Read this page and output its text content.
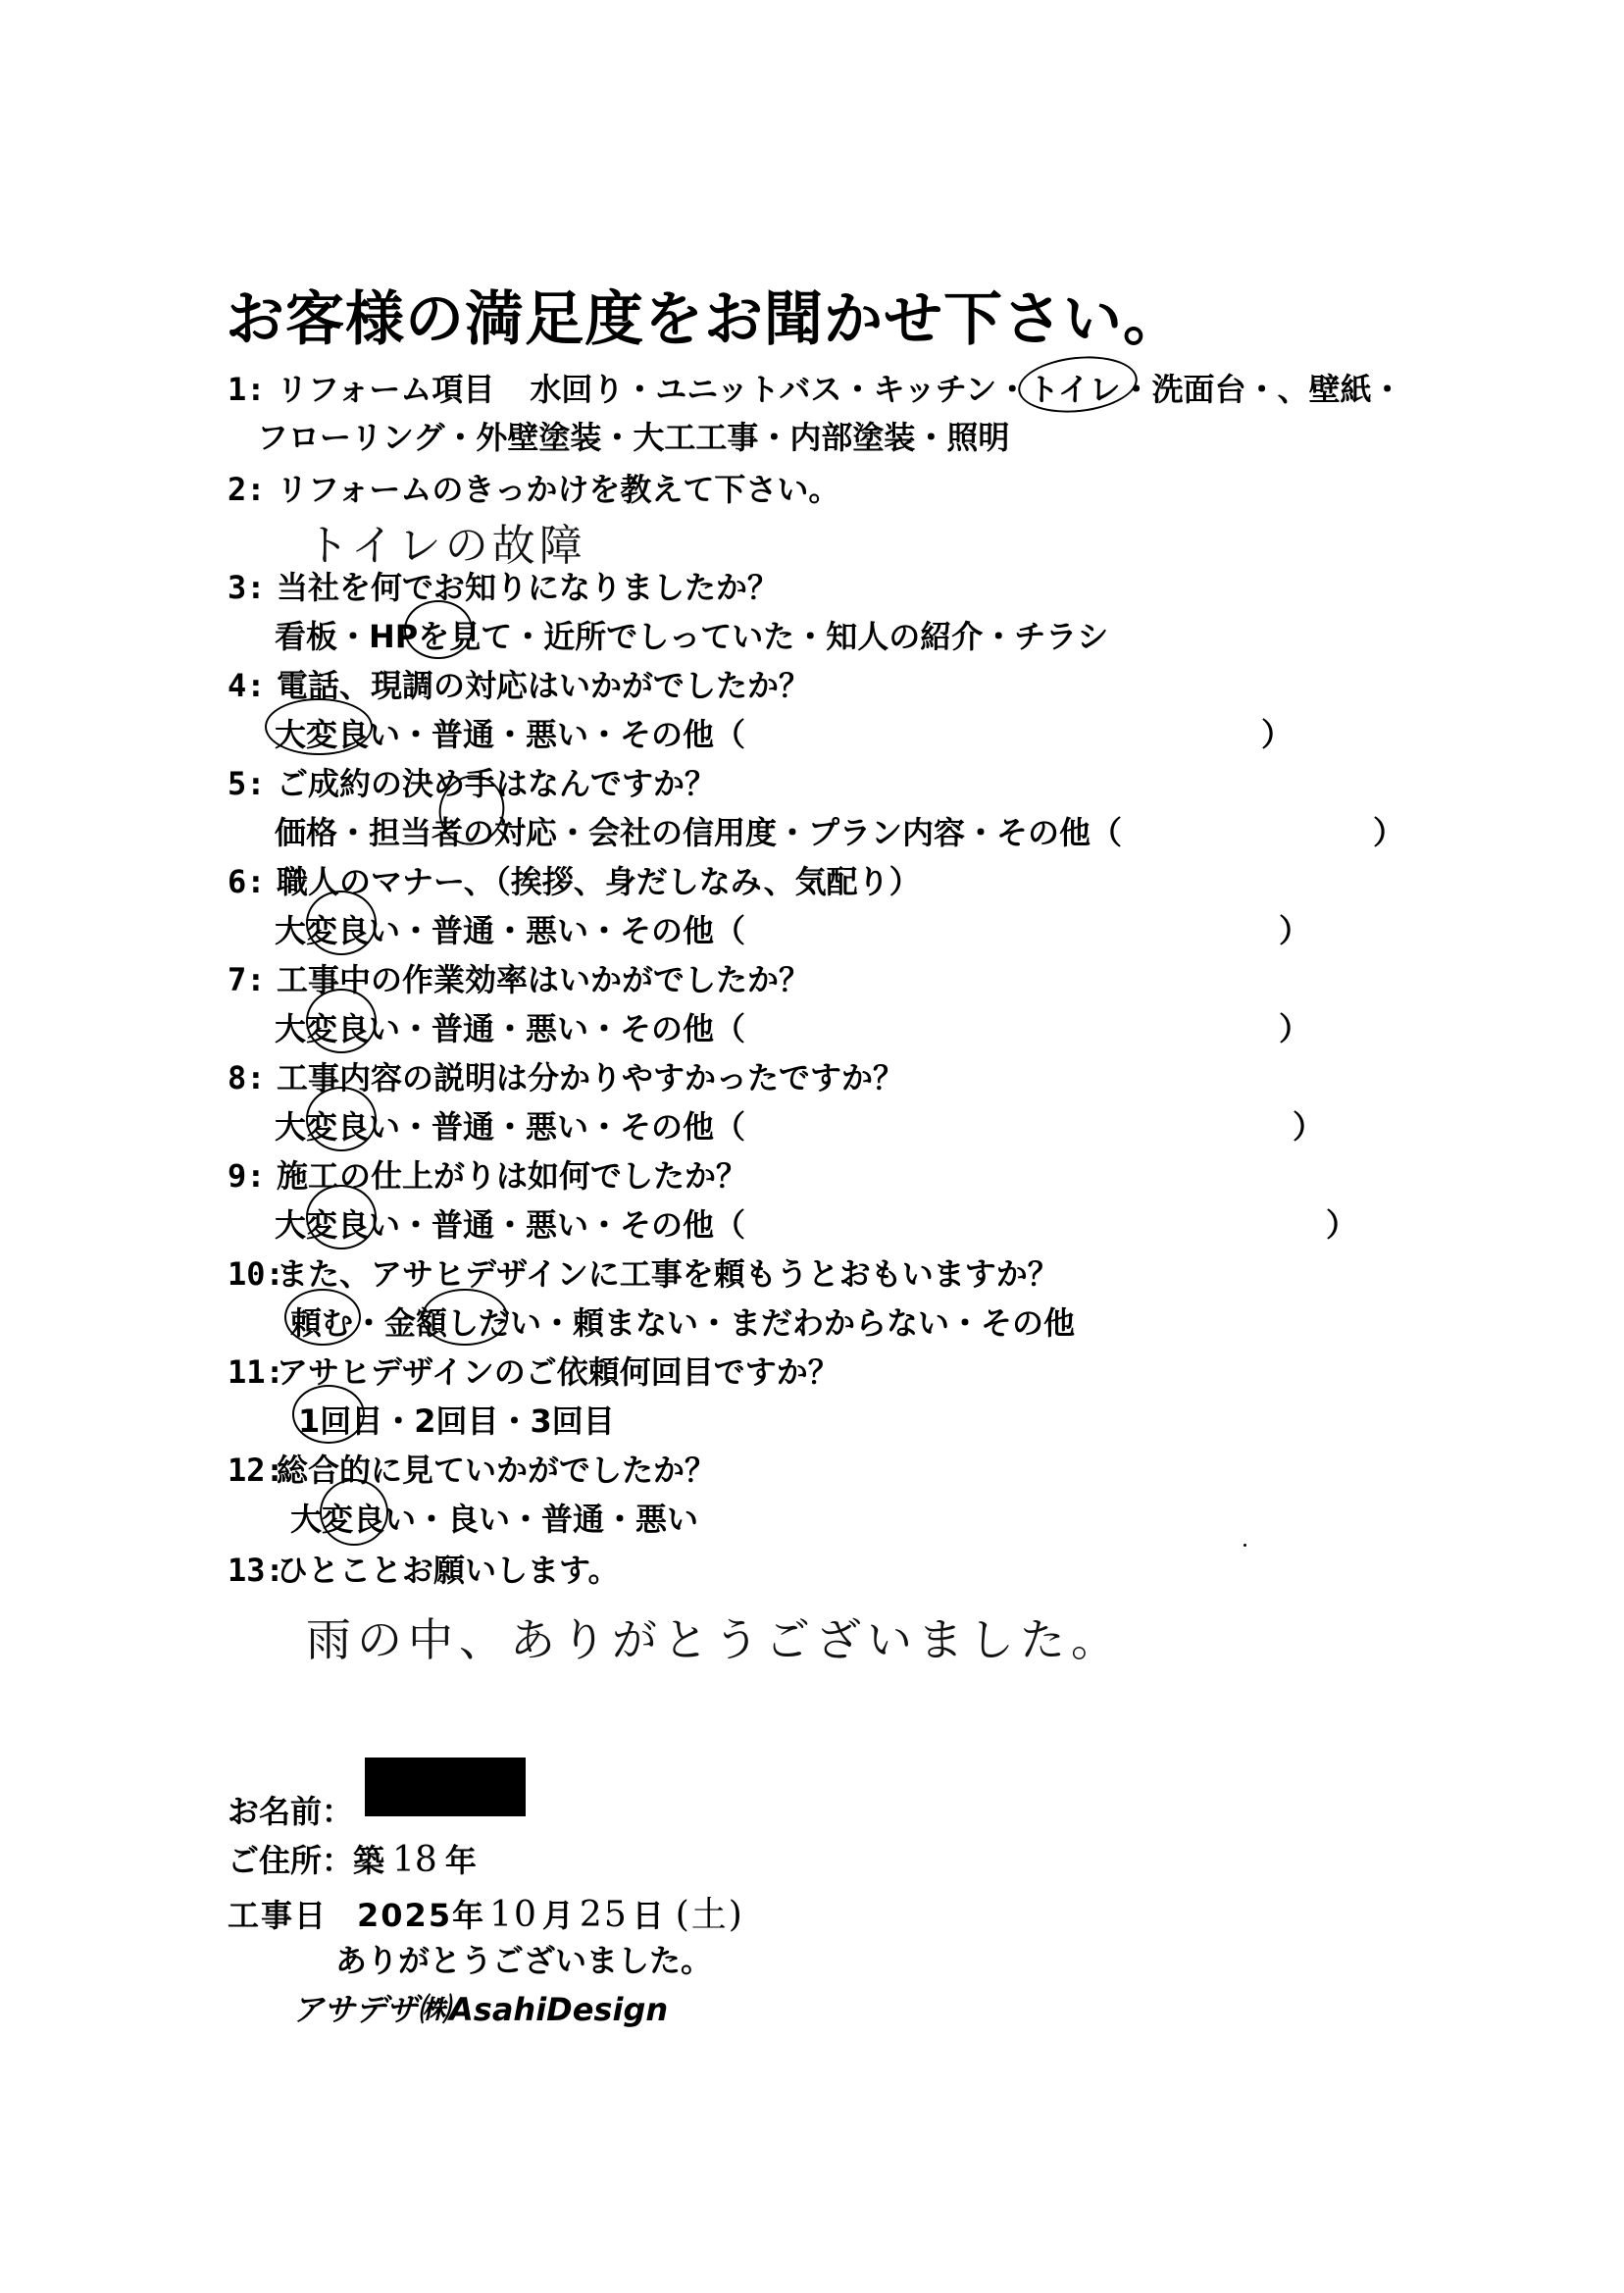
お客様の満足度をお聞かせ下さい。
1: リフォーム項目 水回り・ユニットバス・キッチン・トイレ・洗面台・、壁紙・
フローリング・外壁塗装・大工工事・内部塗装・照明
2: リフォームのきっかけを教えて下さい。
トイレの故障
3: 当社を何でお知りになりましたか？
看板・HPを見て・近所でしっていた・知人の紹介・チラシ
4: 電話、現調の対応はいかがでしたか？
大変良い・普通・悪い・その他（	）
5: ご成約の決め手はなんですか？
価格・担当者の対応・会社の信用度・プラン内容・その他（	）
6: 職人のマナー、（挨拶、身だしなみ、気配り）
大変良い・普通・悪い・その他（	）
7: 工事中の作業効率はいかがでしたか？
大変良い・普通・悪い・その他（	）
8: 工事内容の説明は分かりやすかったですか？
大変良い・普通・悪い・その他（	）
9: 施工の仕上がりは如何でしたか？
大変良い・普通・悪い・その他（	）
10:また、アサヒデザインに工事を頼もうとおもいますか？
頼む・金額しだい・頼まない・まだわからない・その他
11:アサヒデザインのご依頼何回目ですか？
1回目・2回目・3回目
12:総合的に見ていかがでしたか？
大変良い・良い・普通・悪い
13:ひとことお願いします。
雨の中、ありがとうございました。
お名前：
ご住所：築 18 年
工事日 2025年 10 月 25 日 (土)
ありがとうございました。
アサデザ㈱AsahiDesign
